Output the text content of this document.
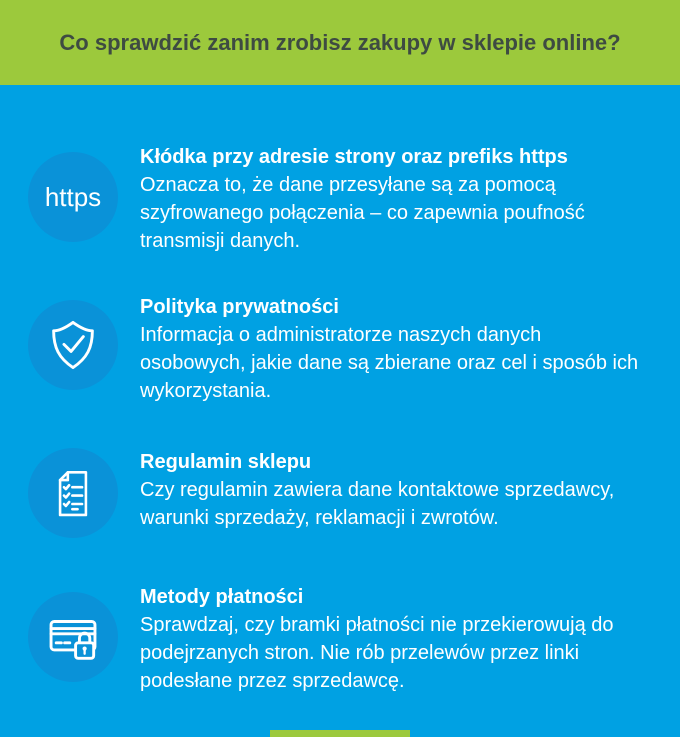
Co sprawdzić zanim zrobisz zakupy w sklepie online?
https
Kłódka przy adresie strony oraz prefiks https

Oznacza to, że dane przesyłane są za pomocą szyfrowanego połączenia – co zapewnia poufność transmisji danych.

Polityka prywatności

Informacja o administratorze naszych danych osobowych, jakie dane są zbierane oraz cel i sposób ich wykorzystania.

Regulamin sklepu

Czy regulamin zawiera dane kontaktowe sprzedawcy, warunki sprzedaży, reklamacji i zwrotów.

Metody płatności

Sprawdzaj, czy bramki płatności nie przekierowują do podejrzanych stron. Nie rób przelewów przez linki podesłane przez sprzedawcę.
